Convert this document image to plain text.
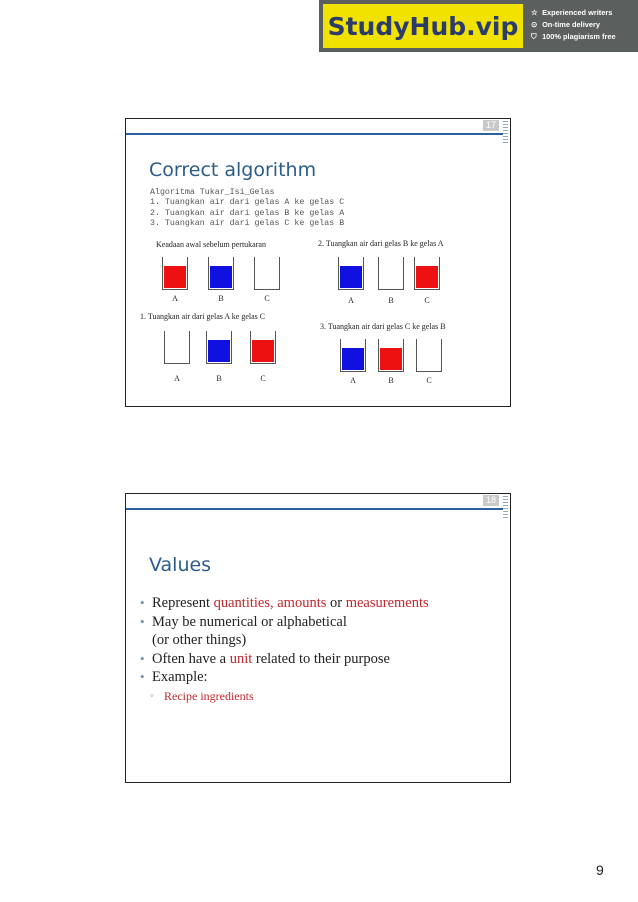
StudyHub.vip	☆ Experienced writers
⊙ On-time delivery
⛉ 100% plagiarism free
17
Correct algorithm
Algoritma Tukar_Isi_Gelas
1. Tuangkan air dari gelas A ke gelas C
2. Tuangkan air dari gelas B ke gelas A
3. Tuangkan air dari gelas C ke gelas B
Keadaan awal sebelum pertukaran
A	B	C
2. Tuangkan air dari gelas B ke gelas A
A	B	C
1. Tuangkan air dari gelas A ke gelas C
A	B	C
3. Tuangkan air dari gelas C ke gelas B
A	B	C
18
Values
• Represent quantities, amounts or measurements
• May be numerical or alphabetical
(or other things)
• Often have a unit related to their purpose
• Example:
◦ Recipe ingredients
9
